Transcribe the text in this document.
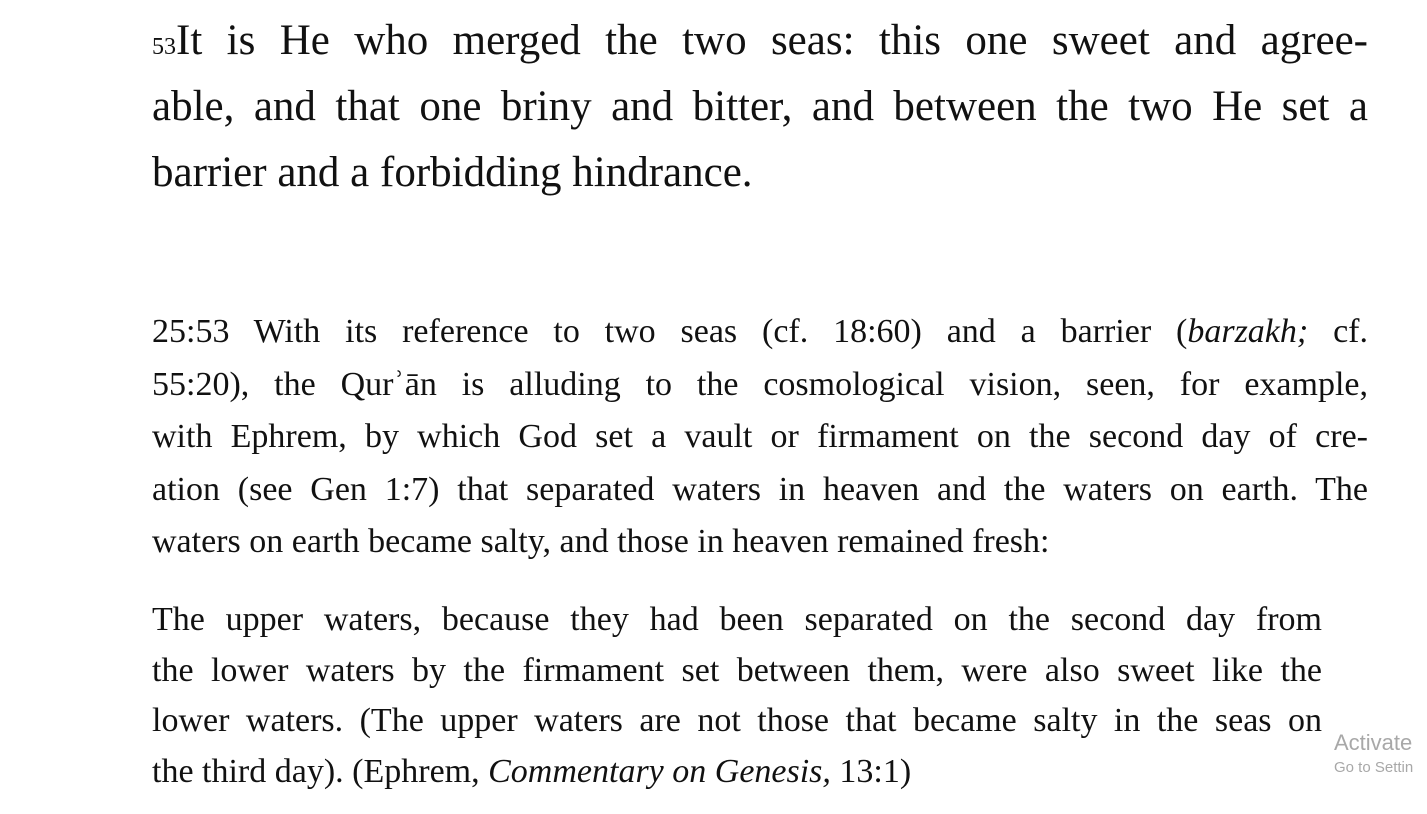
$^{53}$It is He who merged the two seas: this one sweet and agree-
able, and that one briny and bitter, and between the two He set a
barrier and a forbidding hindrance.
25:53 With its reference to two seas (cf. 18:60) and a barrier (barzakh; cf.
55:20), the Qurʾān is alluding to the cosmological vision, seen, for example,
with Ephrem, by which God set a vault or firmament on the second day of cre-
ation (see Gen 1:7) that separated waters in heaven and the waters on earth. The
waters on earth became salty, and those in heaven remained fresh:
The upper waters, because they had been separated on the second day from
the lower waters by the firmament set between them, were also sweet like the
lower waters. (The upper waters are not those that became salty in the seas on
the third day). (Ephrem, Commentary on Genesis, 13:1)
Activate
Go to Settin
